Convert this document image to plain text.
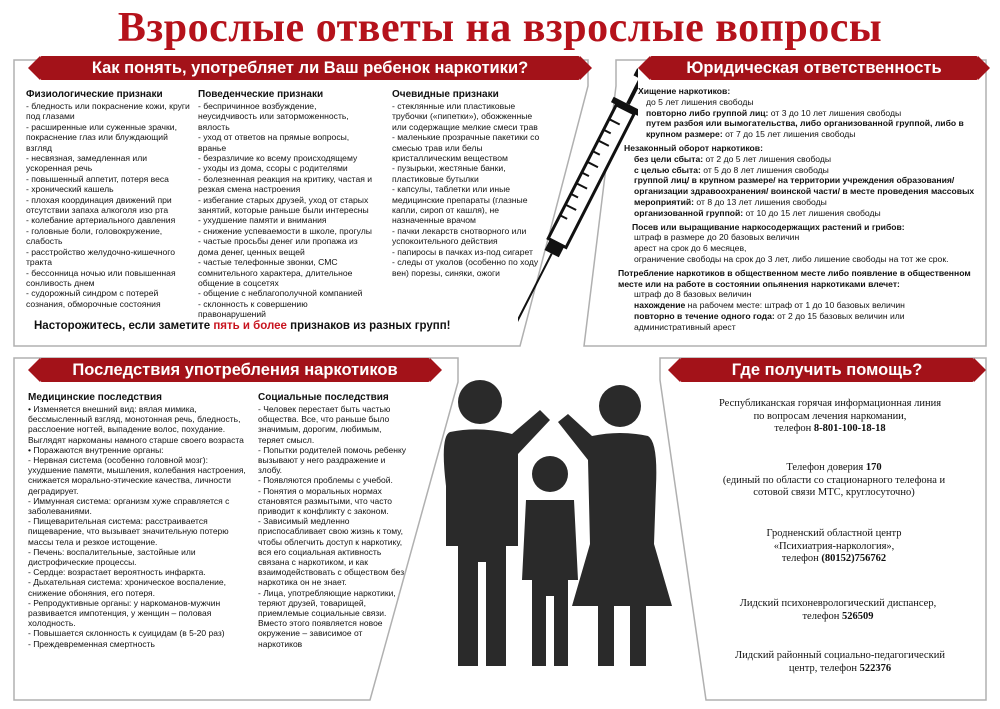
Взрослые ответы на взрослые вопросы
Как понять, употребляет ли Ваш ребенок наркотики?
Физиологические признаки
- бледность или покраснение кожи, круги под глазами
- расширенные или суженные зрачки, покраснение глаз или блуждающий взгляд
- несвязная, замедленная или ускоренная речь
- повышенный аппетит, потеря веса
- хронический кашель
- плохая координация движений при отсутствии запаха алкоголя изо рта
- колебание артериального давления
- головные боли, головокружение, слабость
- расстройство желудочно-кишечного тракта
- бессонница ночью или повышенная сонливость днем
- судорожный синдром с потерей сознания, обморочные состояния
Поведенческие признаки
- беспричинное возбуждение, неусидчивость или заторможенность, вялость
- уход от ответов на прямые вопросы, вранье
- безразличие ко всему происходящему
- уходы из дома, ссоры с родителями
- болезненная реакция на критику, частая и резкая смена настроения
- избегание старых друзей, уход от старых занятий, которые раньше были интересны
- ухудшение памяти и внимания
- снижение успеваемости в школе, прогулы
- частые просьбы денег или пропажа из дома денег, ценных вещей
- частые телефонные звонки, СМС сомнительного характера, длительное общение в соцсетях
- общение с неблагополучной компанией
- склонность к совершению правонарушений
Очевидные признаки
- стеклянные или пластиковые трубочки («пипетки»), обожженные или содержащие мелкие смеси трав
- маленькие прозрачные пакетики со смесью трав или белы кристаллическим веществом
- пузырьки, жестяные банки, пластиковые бутылки
- капсулы, таблетки или иные медицинские препараты (глазные капли, сироп от кашля), не назначенные врачом
- пачки лекарств снотворного или успокоительного действия
- папиросы в пачках из-под сигарет
- следы от уколов (особенно по ходу вен) порезы, синяки, ожоги
Насторожитесь, если заметите пять и более признаков из разных групп!
Юридическая ответственность
Хищение наркотиков:
до 5 лет лишения свободы
повторно либо группой лиц: от 3 до 10 лет лишения свободы
путем разбоя или вымогательства, либо организованной группой, либо в крупном размере: от 7 до 15 лет лишения свободы
Незаконный оборот наркотиков:
без цели сбыта: от 2 до 5 лет лишения свободы
с целью сбыта: от 5 до 8 лет лишения свободы
группой лиц/ в крупном размере/ на территории учреждения образования/ организации здравоохранения/ воинской части/ в месте проведения массовых мероприятий: от 8 до 13 лет лишения свободы
организованной группой: от 10 до 15 лет лишения свободы
Посев или выращивание наркосодержащих растений и грибов:
штраф в размере до 20 базовых величин
арест на срок до 6 месяцев,
ограничение свободы на срок до 3 лет, либо лишение свободы на тот же срок.
Потребление наркотиков в общественном месте либо появление в общественном месте или на работе в состоянии опьянения наркотиками влечет:
штраф до 8 базовых величин
нахождение на рабочем месте: штраф от 1 до 10 базовых величин
повторно в течение одного года: от 2 до 15 базовых величин или административный арест
Последствия употребления наркотиков
Медицинские последствия
• Изменяется внешний вид: вялая мимика, бессмысленный взгляд, монотонная речь, бледность, расслоение ногтей, выпадение волос, похудание. Выглядят наркоманы намного старше своего возраста
• Поражаются внутренние органы:
- Нервная система (особенно головной мозг): ухудшение памяти, мышления, колебания настроения, снижается морально-этические качества, личности деградирует.
- Иммунная система: организм хуже справляется с заболеваниями.
- Пищеварительная система: расстраивается пищеварение, что вызывает значительную потерю массы тела и резкое истощение.
- Печень: воспалительные, застойные или дистрофические процессы.
- Сердце: возрастает вероятность инфаркта.
- Дыхательная система: хроническое воспаление, снижение обоняния, его потеря.
- Репродуктивные органы: у наркоманов-мужчин развивается импотенция, у женщин – половая холодность.
- Повышается склонность к суицидам (в 5-20 раз)
- Преждевременная смертность
Социальные последствия
- Человек перестает быть частью общества. Все, что раньше было значимым, дорогим, любимым, теряет смысл.
- Попытки родителей помочь ребенку вызывают у него раздражение и злобу.
- Появляются проблемы с учебой.
- Понятия о моральных нормах становятся размытыми, что часто приводит к конфликту с законом.
- Зависимый медленно приспосабливает свою жизнь к тому, чтобы облегчить доступ к наркотику, вся его социальная активность связана с наркотиком, и как взаимодействовать с обществом без наркотика он не знает.
- Лица, употребляющие наркотики, теряют друзей, товарищей, приемлемые социальные связи. Вместо этого появляется новое окружение – зависимое от наркотиков
Где получить помощь?
Республиканская горячая информационная линия
по вопросам лечения наркомании,
телефон 8-801-100-18-18
Телефон доверия 170
(единый по области со стационарного телефона и
сотовой связи МТС, круглосуточно)
Гродненский областной центр
«Психиатрия-наркология»,
телефон (80152)756762
Лидский психоневрологический диспансер,
телефон 526509
Лидский районный социально-педагогический
центр, телефон 522376
